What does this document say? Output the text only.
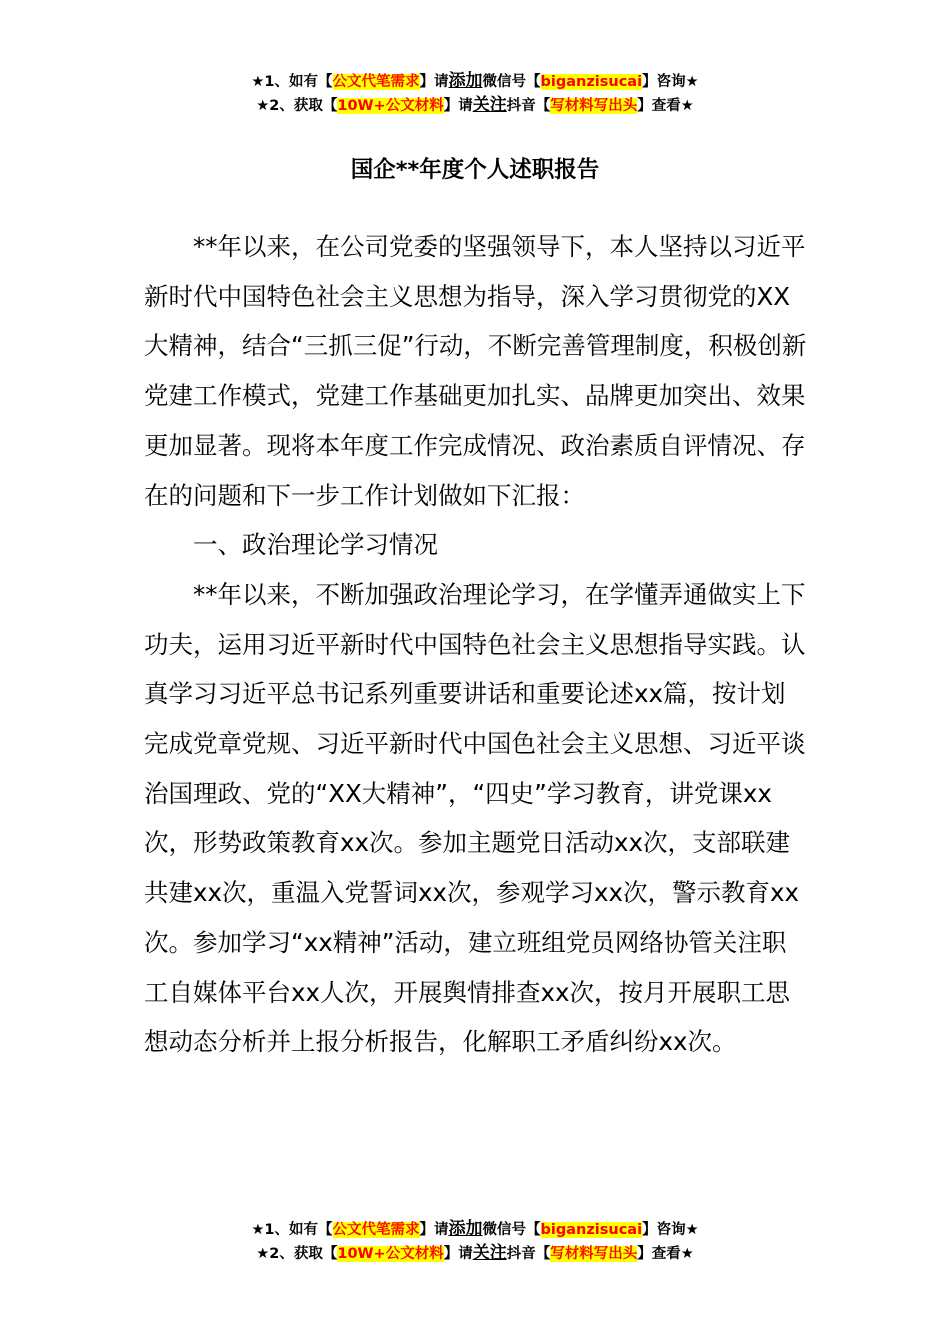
★1、如有【公文代笔需求】请添加微信号【biganzisucai】咨询★
★2、获取【10W+公文材料】请关注抖音【写材料写出头】查看★
国企**年度个人述职报告

**年以来，在公司党委的坚强领导下，本人坚持以习近平新时代中国特色社会主义思想为指导，深入学习贯彻党的XX大精神，结合“三抓三促”行动，不断完善管理制度，积极创新党建工作模式，党建工作基础更加扎实、品牌更加突出、效果更加显著。现将本年度工作完成情况、政治素质自评情况、存在的问题和下一步工作计划做如下汇报：

一、政治理论学习情况

**年以来，不断加强政治理论学习，在学懂弄通做实上下功夫，运用习近平新时代中国特色社会主义思想指导实践。认真学习习近平总书记系列重要讲话和重要论述xx篇，按计划完成党章党规、习近平新时代中国色社会主义思想、习近平谈治国理政、党的“XX大精神”，“四史”学习教育，讲党课xx次，形势政策教育xx次。参加主题党日活动xx次，支部联建共建xx次，重温入党誓词xx次，参观学习xx次，警示教育xx次。参加学习“xx精神”活动，建立班组党员网络协管关注职工自媒体平台xx人次，开展舆情排查xx次，按月开展职工思想动态分析并上报分析报告，化解职工矛盾纠纷xx次。

★1、如有【公文代笔需求】请添加微信号【biganzisucai】咨询★
★2、获取【10W+公文材料】请关注抖音【写材料写出头】查看★
